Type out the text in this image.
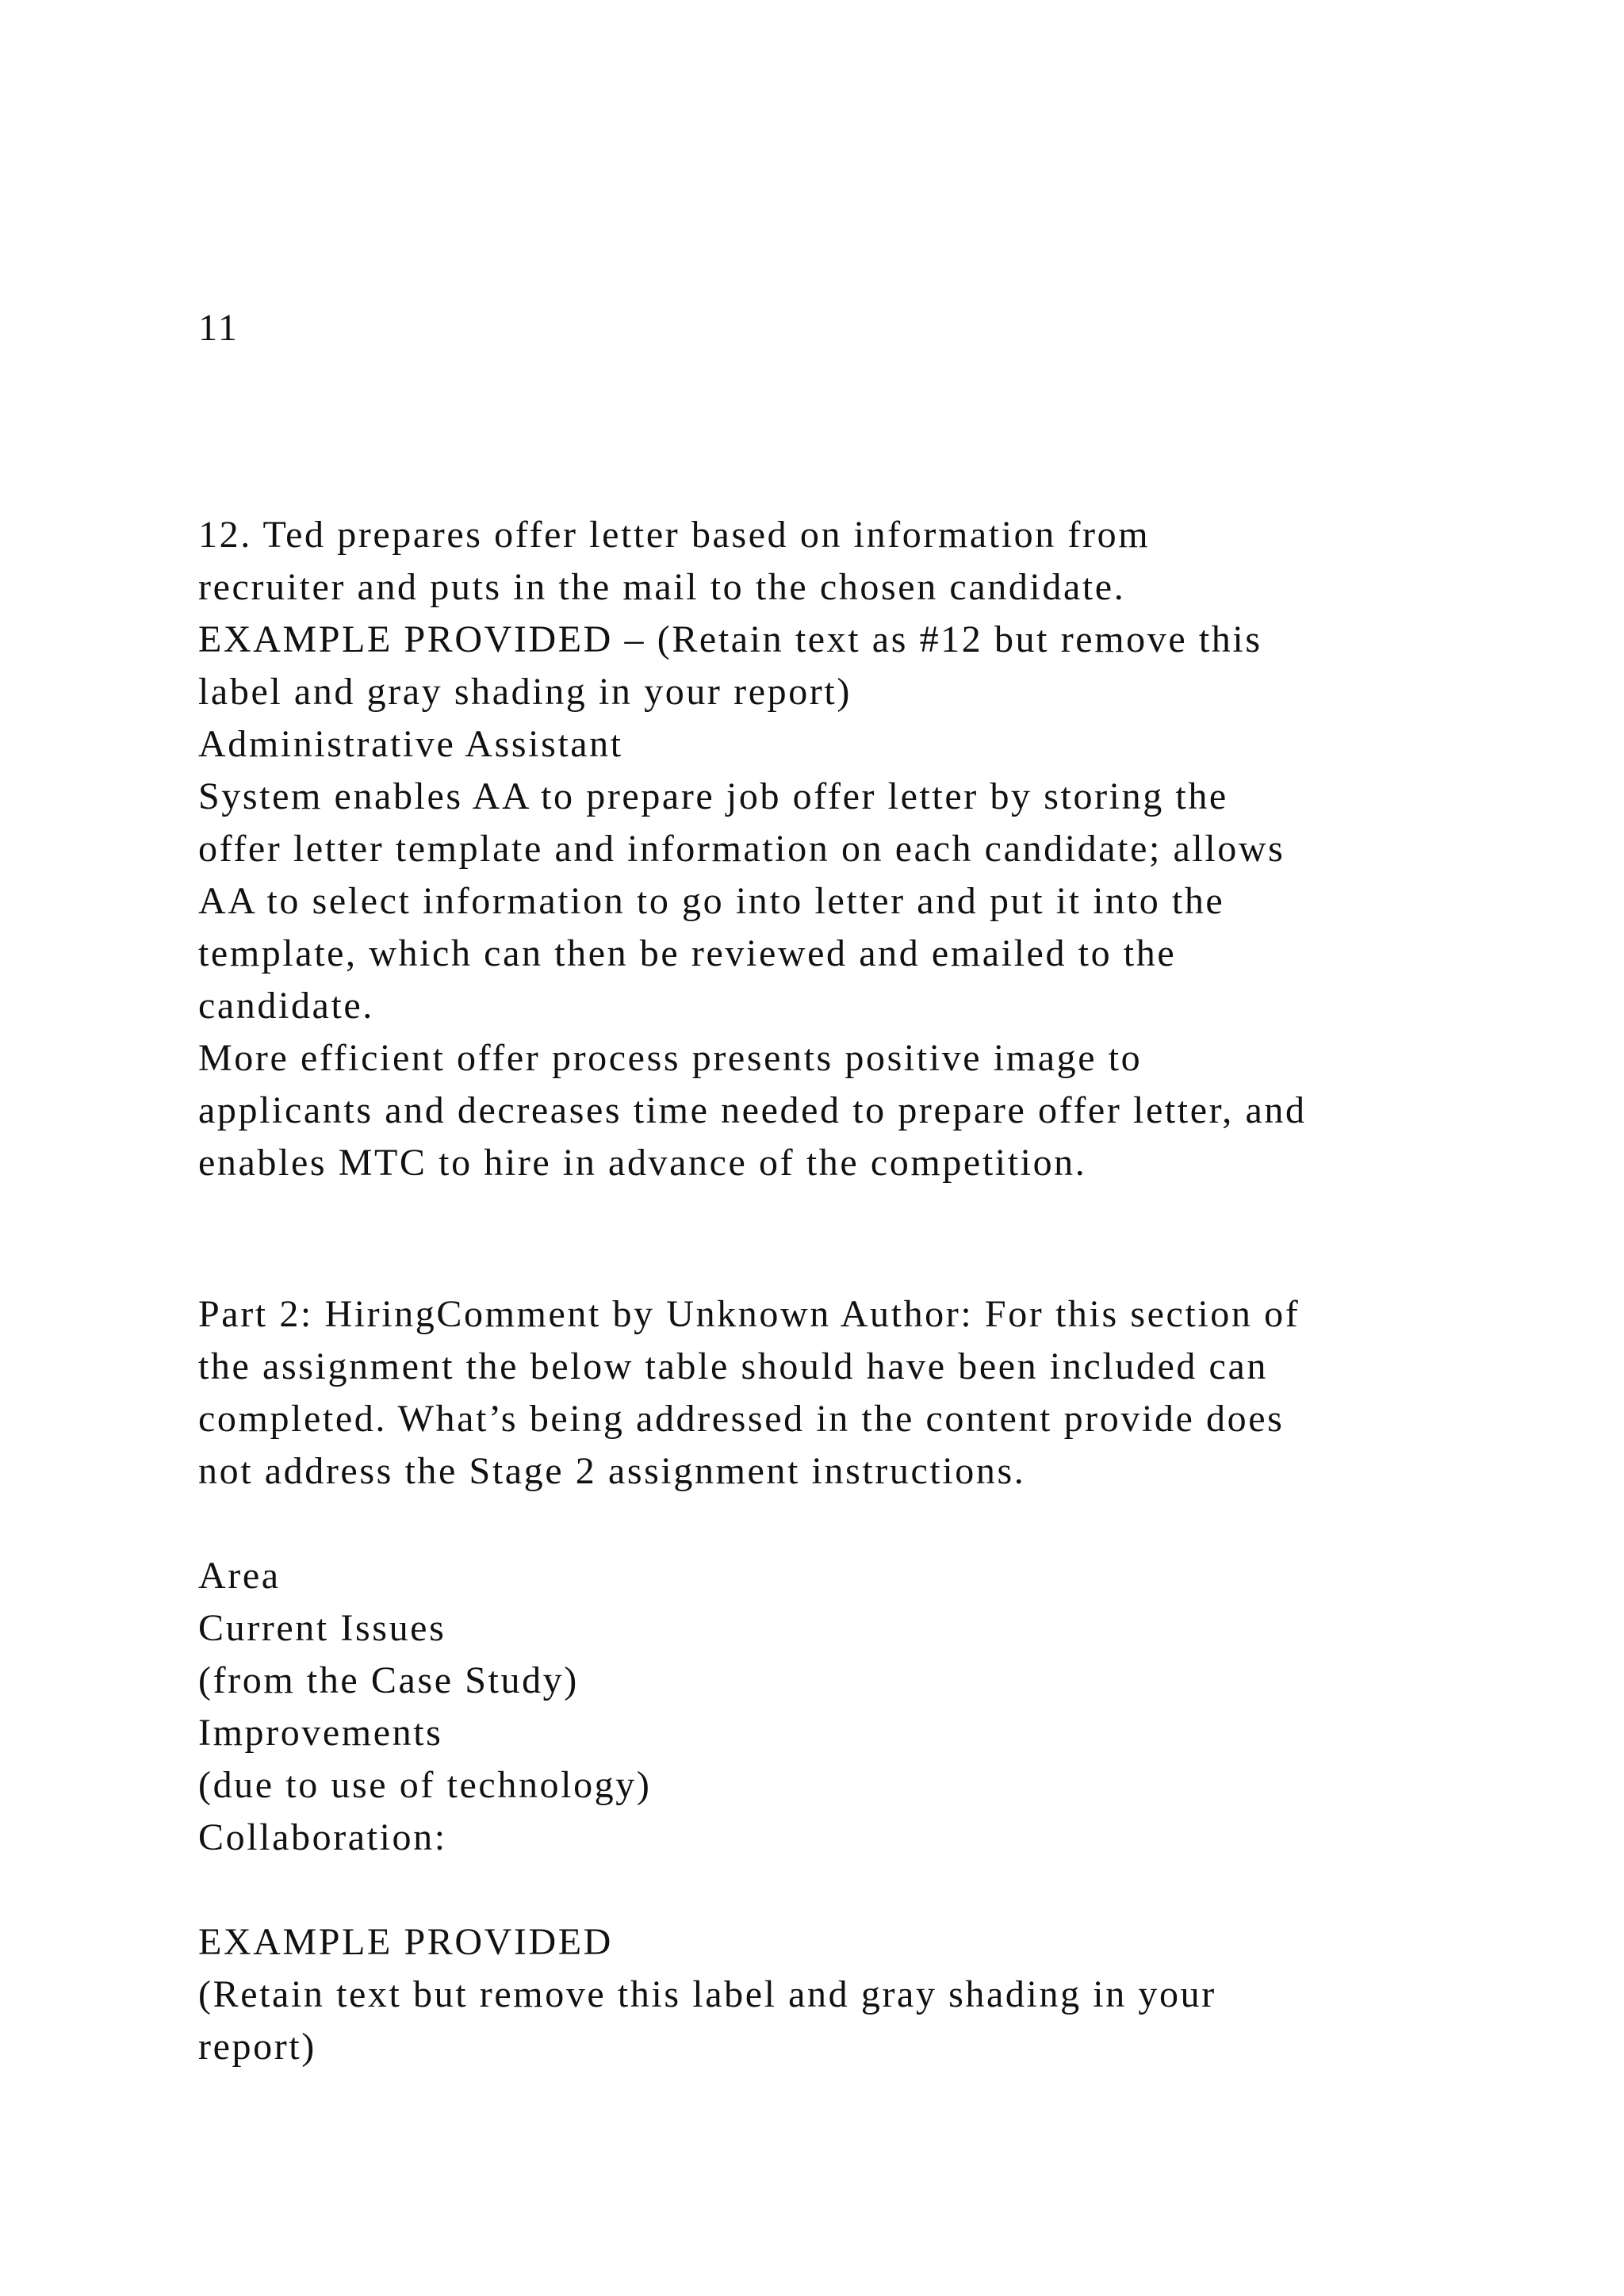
11
12. Ted prepares offer letter based on information from
recruiter and puts in the mail to the chosen candidate.
EXAMPLE PROVIDED – (Retain text as #12 but remove this
label and gray shading in your report)
Administrative Assistant
System enables AA to prepare job offer letter by storing the
offer letter template and information on each candidate; allows
AA to select information to go into letter and put it into the
template, which can then be reviewed and emailed to the
candidate.
More efficient offer process presents positive image to
applicants and decreases time needed to prepare offer letter, and
enables MTC to hire in advance of the competition.
Part 2: HiringComment by Unknown Author: For this section of
the assignment the below table should have been included can
completed. What’s being addressed in the content provide does
not address the Stage 2 assignment instructions.
Area
Current Issues
(from the Case Study)
Improvements
(due to use of technology)
Collaboration:
EXAMPLE PROVIDED
(Retain text but remove this label and gray shading in your
report)
